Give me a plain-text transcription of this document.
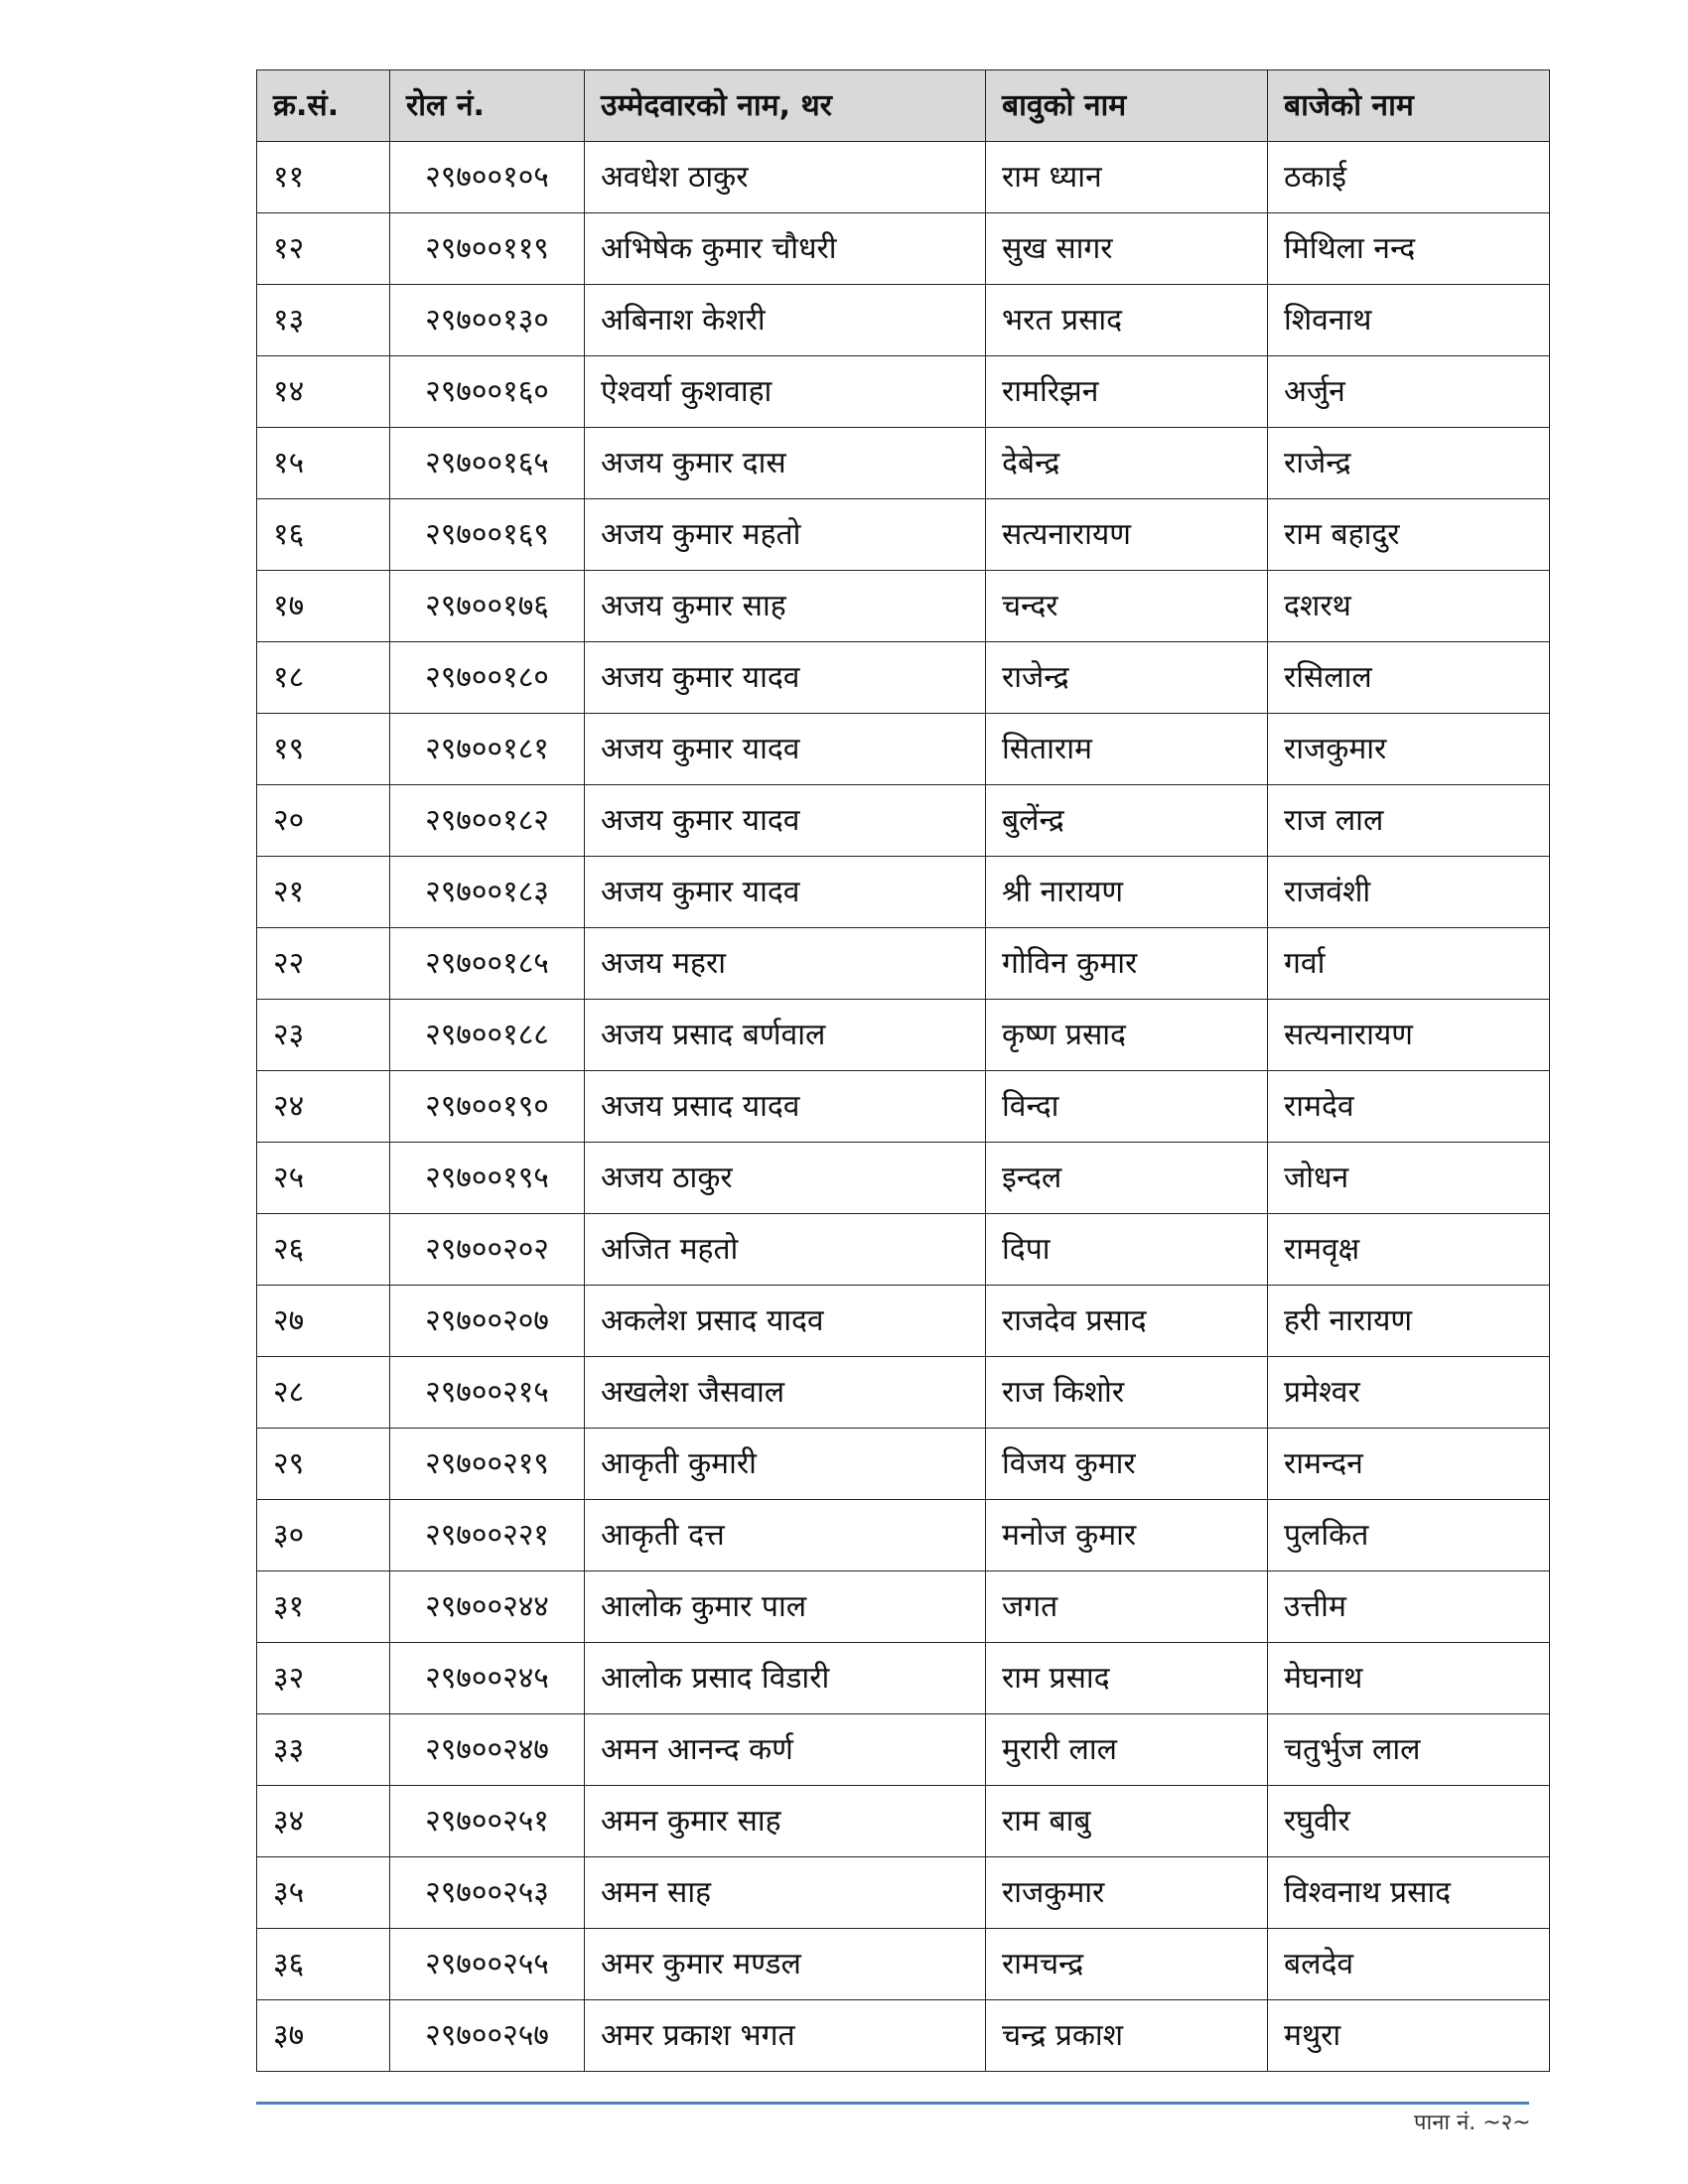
क्र.सं.	रोल नं.	उम्मेदवारको नाम, थर	बावुको नाम	बाजेको नाम
११	२९७००१०५	अवधेश ठाकुर	राम ध्यान	ठकाई
१२	२९७००११९	अभिषेक कुमार चौधरी	सुख सागर	मिथिला नन्द
१३	२९७००१३०	अबिनाश केशरी	भरत प्रसाद	शिवनाथ
१४	२९७००१६०	ऐश्वर्या कुशवाहा	रामरिझन	अर्जुन
१५	२९७००१६५	अजय कुमार दास	देबेन्द्र	राजेन्द्र
१६	२९७००१६९	अजय कुमार महतो	सत्यनारायण	राम बहादुर
१७	२९७००१७६	अजय कुमार साह	चन्दर	दशरथ
१८	२९७००१८०	अजय कुमार यादव	राजेन्द्र	रसिलाल
१९	२९७००१८१	अजय कुमार यादव	सिताराम	राजकुमार
२०	२९७००१८२	अजय कुमार यादव	बुलेंन्द्र	राज लाल
२१	२९७००१८३	अजय कुमार यादव	श्री नारायण	राजवंशी
२२	२९७००१८५	अजय महरा	गोविन कुमार	गर्वा
२३	२९७००१८८	अजय प्रसाद बर्णवाल	कृष्ण प्रसाद	सत्यनारायण
२४	२९७००१९०	अजय प्रसाद यादव	विन्दा	रामदेव
२५	२९७००१९५	अजय ठाकुर	इन्दल	जोधन
२६	२९७००२०२	अजित महतो	दिपा	रामवृक्ष
२७	२९७००२०७	अकलेश प्रसाद यादव	राजदेव प्रसाद	हरी नारायण
२८	२९७००२१५	अखलेश जैसवाल	राज किशोर	प्रमेश्वर
२९	२९७००२१९	आकृती कुमारी	विजय कुमार	रामन्दन
३०	२९७००२२१	आकृती दत्त	मनोज कुमार	पुलकित
३१	२९७००२४४	आलोक कुमार पाल	जगत	उत्तीम
३२	२९७००२४५	आलोक प्रसाद विडारी	राम प्रसाद	मेघनाथ
३३	२९७००२४७	अमन आनन्द कर्ण	मुरारी लाल	चतुर्भुज लाल
३४	२९७००२५१	अमन कुमार साह	राम बाबु	रघुवीर
३५	२९७००२५३	अमन साह	राजकुमार	विश्वनाथ प्रसाद
३६	२९७००२५५	अमर कुमार मण्डल	रामचन्द्र	बलदेव
३७	२९७००२५७	अमर प्रकाश भगत	चन्द्र प्रकाश	मथुरा
पाना नं. ~२~
